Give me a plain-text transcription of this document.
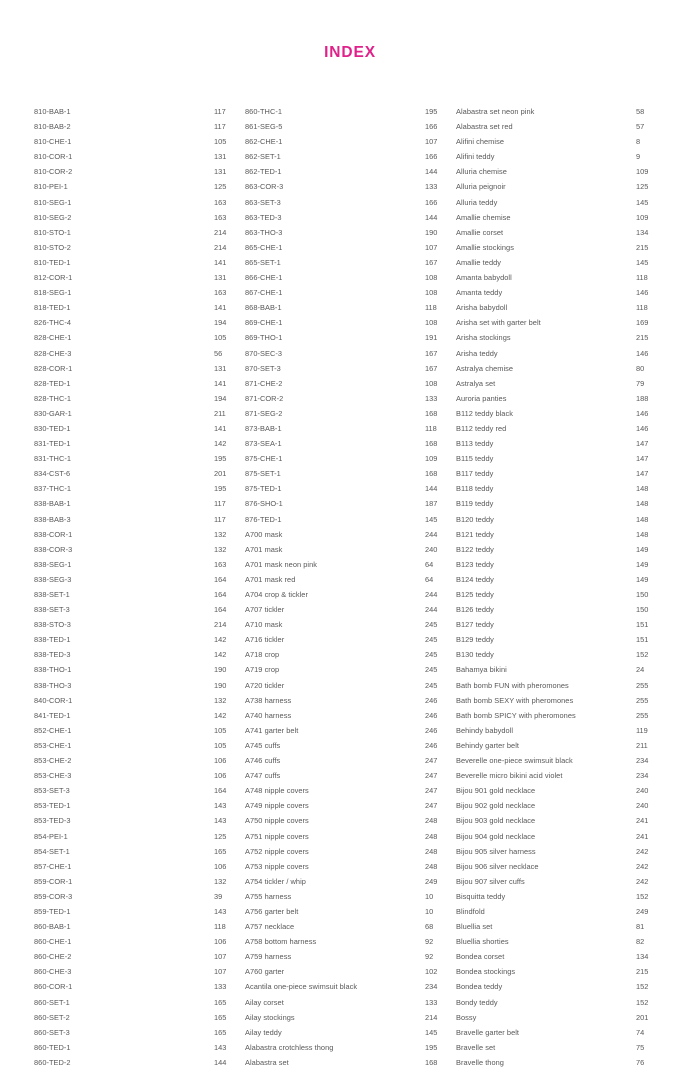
INDEX
810-BAB-1	117
810-BAB-2	117
810-CHE-1	105
810-COR-1	131
810-COR-2	131
810-PEI-1	125
810-SEG-1	163
810-SEG-2	163
810-STO-1	214
810-STO-2	214
810-TED-1	141
812-COR-1	131
818-SEG-1	163
818-TED-1	141
826-THC-4	194
828-CHE-1	105
828-CHE-3	56
828-COR-1	131
828-TED-1	141
828-THC-1	194
830-GAR-1	211
830-TED-1	141
831-TED-1	142
831-THC-1	195
834-CST-6	201
837-THC-1	195
838-BAB-1	117
838-BAB-3	117
838-COR-1	132
838-COR-3	132
838-SEG-1	163
838-SEG-3	164
838-SET-1	164
838-SET-3	164
838-STO-3	214
838-TED-1	142
838-TED-3	142
838-THO-1	190
838-THO-3	190
840-COR-1	132
841-TED-1	142
852-CHE-1	105
853-CHE-1	105
853-CHE-2	106
853-CHE-3	106
853-SET-3	164
853-TED-1	143
853-TED-3	143
854-PEI-1	125
854-SET-1	165
857-CHE-1	106
859-COR-1	132
859-COR-3	39
859-TED-1	143
860-BAB-1	118
860-CHE-1	106
860-CHE-2	107
860-CHE-3	107
860-COR-1	133
860-SET-1	165
860-SET-2	165
860-SET-3	165
860-TED-1	143
860-TED-2	144
860-THC-1	195
861-SEG-5	166
862-CHE-1	107
862-SET-1	166
862-TED-1	144
863-COR-3	133
863-SET-3	166
863-TED-3	144
863-THO-3	190
865-CHE-1	107
865-SET-1	167
866-CHE-1	108
867-CHE-1	108
868-BAB-1	118
869-CHE-1	108
869-THO-1	191
870-SEC-3	167
870-SET-3	167
871-CHE-2	108
871-COR-2	133
871-SEG-2	168
873-BAB-1	118
873-SEA-1	168
875-CHE-1	109
875-SET-1	168
875-TED-1	144
876-SHO-1	187
876-TED-1	145
A700 mask	244
A701 mask	240
A701 mask neon pink	64
A701 mask red	64
A704 crop & tickler	244
A707 tickler	244
A710 mask	245
A716 tickler	245
A718 crop	245
A719 crop	245
A720 tickler	245
A738 harness	246
A740 harness	246
A741 garter belt	246
A745 cuffs	246
A746 cuffs	247
A747 cuffs	247
A748 nipple covers	247
A749 nipple covers	247
A750 nipple covers	248
A751 nipple covers	248
A752 nipple covers	248
A753 nipple covers	248
A754 tickler / whip	249
A755 harness	10
A756 garter belt	10
A757 necklace	68
A758 bottom harness	92
A759 harness	92
A760 garter	102
Acantila one-piece swimsuit black	234
Ailay corset	133
Ailay stockings	214
Ailay teddy	145
Alabastra crotchless thong	195
Alabastra set	168
Alabastra set neon pink	58
Alabastra set red	57
Alifini chemise	8
Alifini teddy	9
Alluria chemise	109
Alluria peignoir	125
Alluria teddy	145
Amallie chemise	109
Amallie corset	134
Amallie stockings	215
Amallie teddy	145
Amanta babydoll	118
Amanta teddy	146
Arisha babydoll	118
Arisha set with garter belt	169
Arisha stockings	215
Arisha teddy	146
Astralya chemise	80
Astralya set	79
Auroria panties	188
B112 teddy black	146
B112 teddy red	146
B113 teddy	147
B115 teddy	147
B117 teddy	147
B118 teddy	148
B119 teddy	148
B120 teddy	148
B121 teddy	148
B122 teddy	149
B123 teddy	149
B124 teddy	149
B125 teddy	150
B126 teddy	150
B127 teddy	151
B129 teddy	151
B130 teddy	152
Bahamya bikini	24
Bath bomb FUN with pheromones	255
Bath bomb SEXY with pheromones	255
Bath bomb SPICY with pheromones	255
Behindy babydoll	119
Behindy garter belt	211
Beverelle one-piece swimsuit black	234
Beverelle micro bikini acid violet	234
Bijou 901 gold necklace	240
Bijou 902 gold necklace	240
Bijou 903 gold necklace	241
Bijou 904 gold necklace	241
Bijou 905 silver harness	242
Bijou 906 silver necklace	242
Bijou 907 silver cuffs	242
Bisquitta teddy	152
Blindfold	249
Bluellia set	81
Bluellia shorties	82
Bondea corset	134
Bondea stockings	215
Bondea teddy	152
Bondy teddy	152
Bossy	201
Bravelle garter belt	74
Bravelle set	75
Bravelle thong	76
